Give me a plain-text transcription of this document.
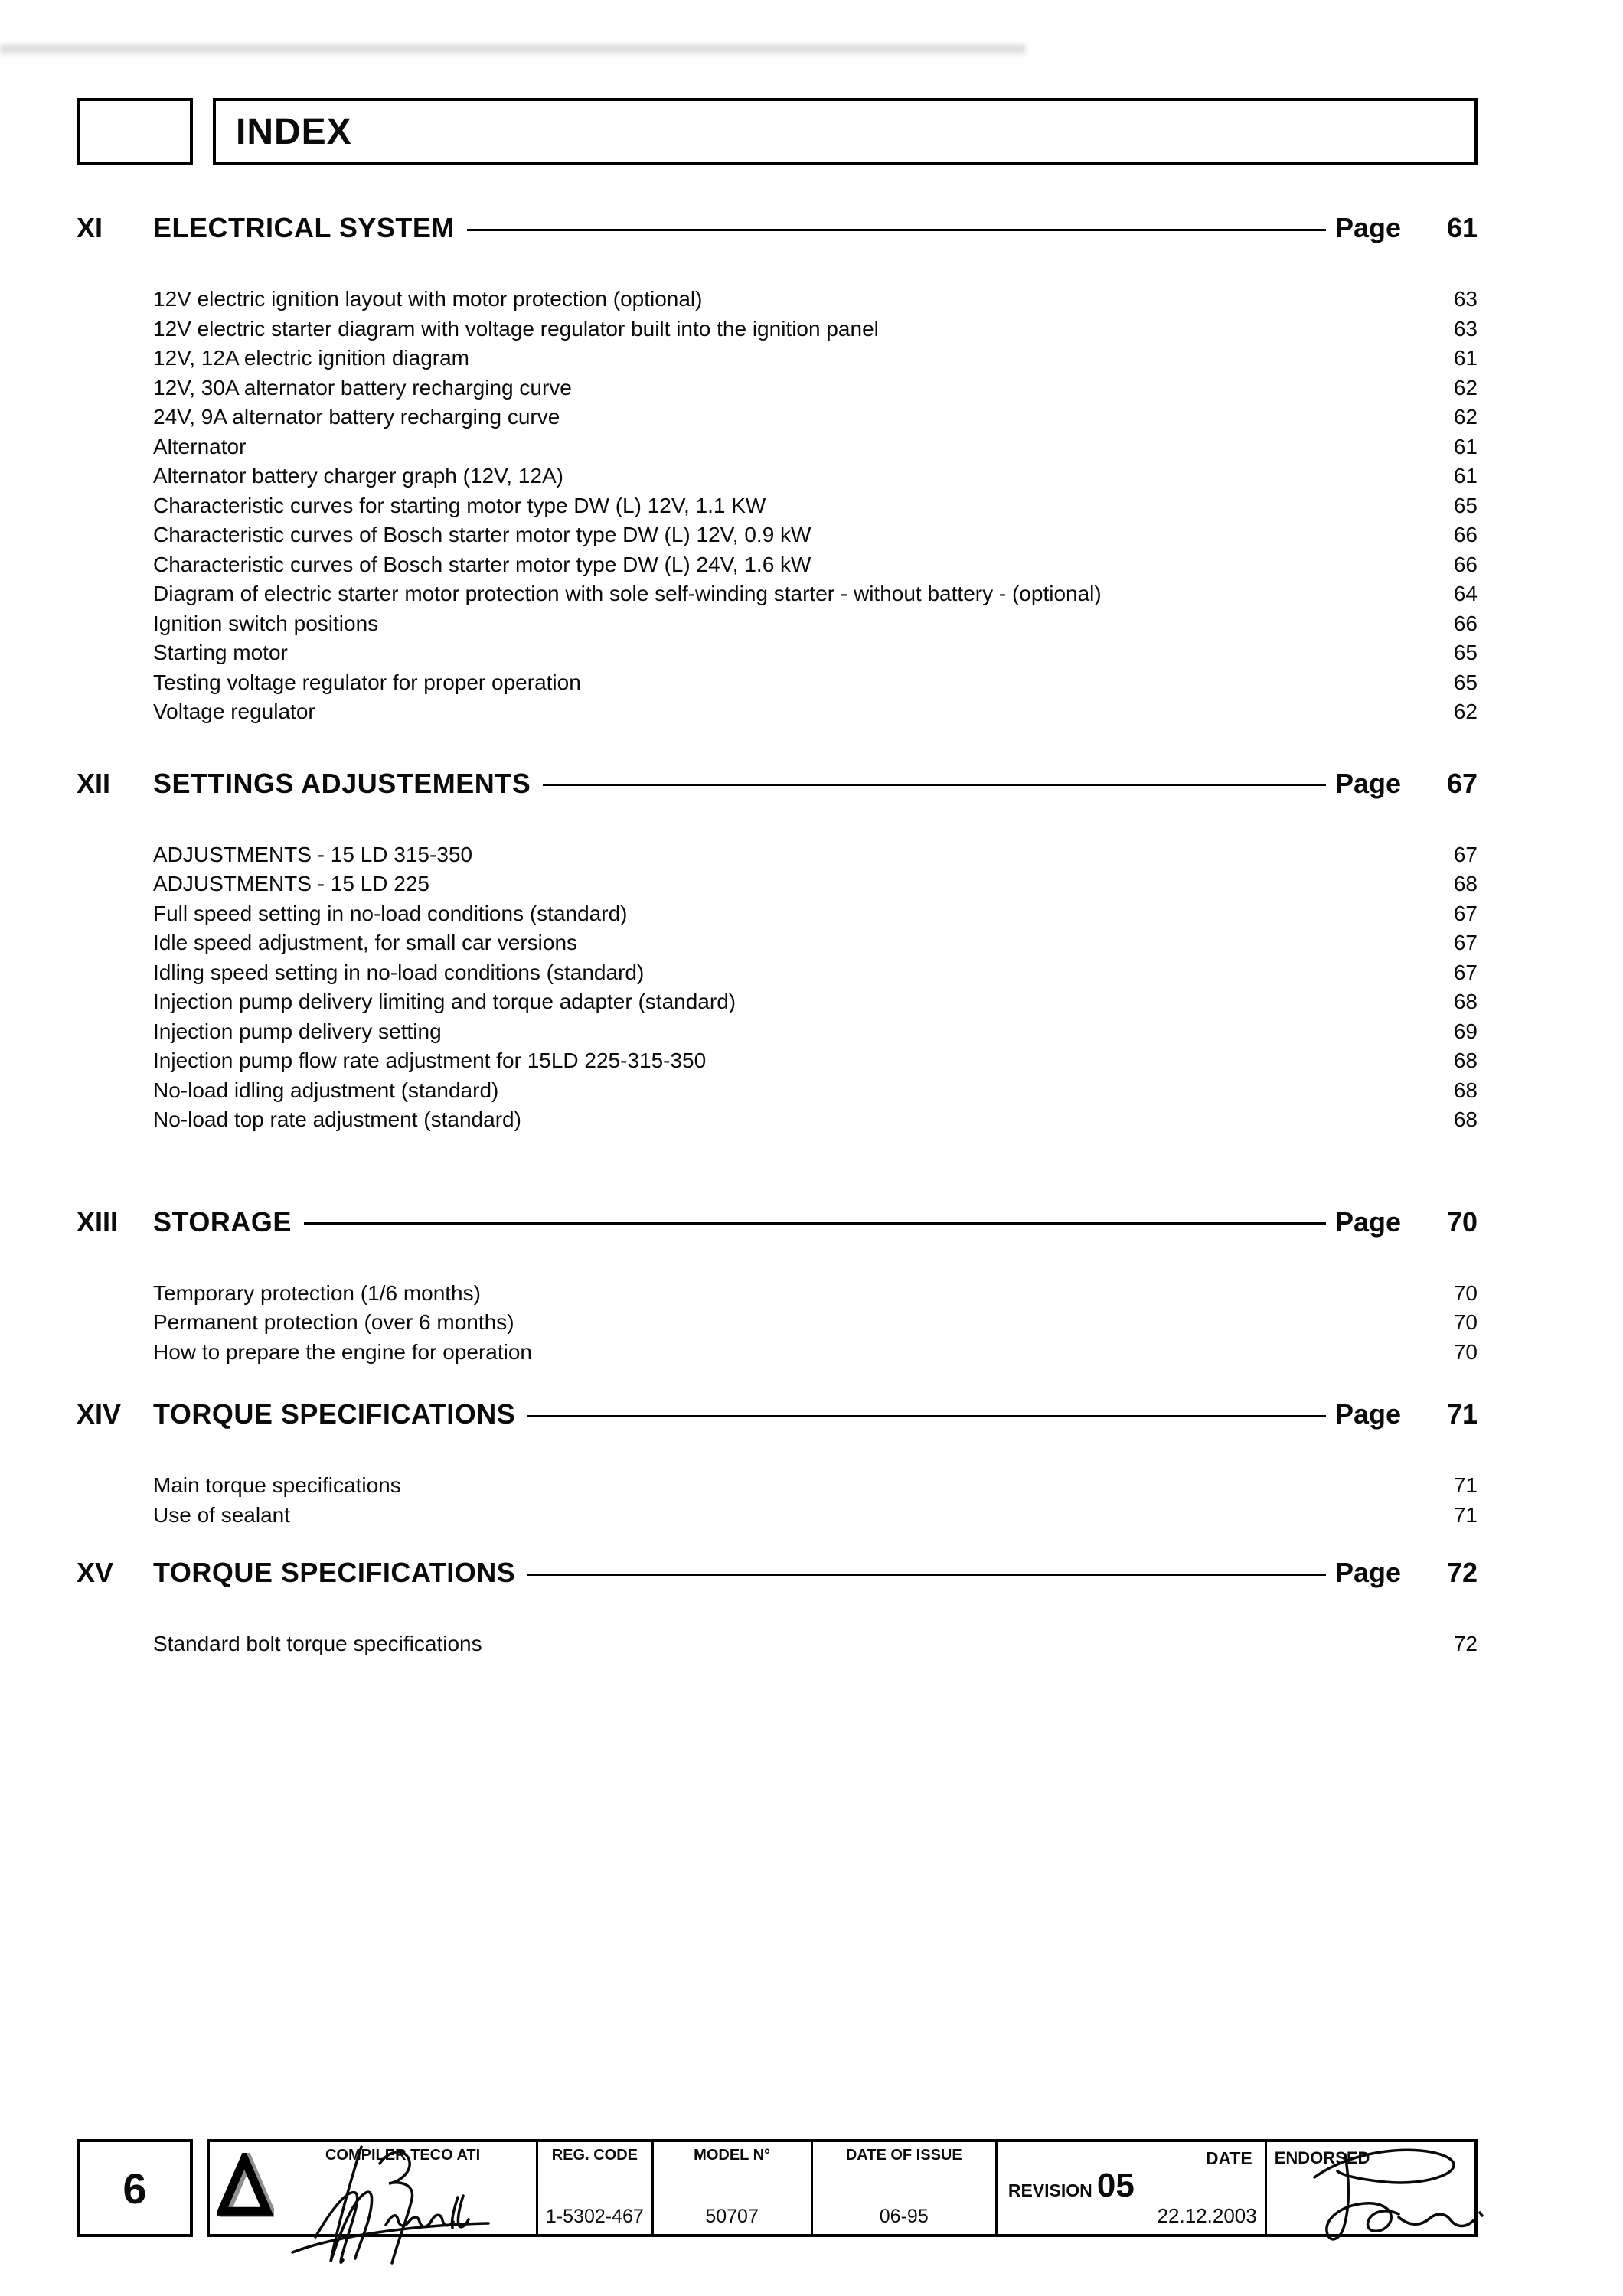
INDEX
XI	ELECTRICAL SYSTEM	Page	61
12V electric ignition layout with motor protection (optional)	63
12V electric starter diagram with voltage regulator built into the ignition panel	63
12V, 12A electric ignition diagram	61
12V, 30A alternator battery recharging curve	62
24V, 9A alternator battery recharging curve	62
Alternator	61
Alternator battery charger graph (12V, 12A)	61
Characteristic curves for starting motor type DW (L) 12V, 1.1 KW	65
Characteristic curves of Bosch starter motor type DW (L) 12V, 0.9 kW	66
Characteristic curves of Bosch starter motor type DW (L) 24V, 1.6 kW	66
Diagram of electric starter motor protection with sole self-winding starter - without battery - (optional)	64
Ignition switch positions	66
Starting motor	65
Testing voltage regulator for proper operation	65
Voltage regulator	62
XII	SETTINGS ADJUSTEMENTS	Page	67
ADJUSTMENTS - 15 LD 315-350	67
ADJUSTMENTS - 15 LD 225	68
Full speed setting in no-load conditions (standard)	67
Idle speed adjustment, for small car versions	67
Idling speed setting in no-load conditions (standard)	67
Injection pump delivery limiting and torque adapter (standard)	68
Injection pump delivery setting	69
Injection pump flow rate adjustment for 15LD 225-315-350	68
No-load idling adjustment (standard)	68
No-load top rate adjustment (standard)	68
XIII	STORAGE	Page	70
Temporary protection (1/6 months)	70
Permanent protection (over 6 months)	70
How to prepare the engine for operation	70
XIV	TORQUE SPECIFICATIONS	Page	71
Main torque specifications	71
Use of sealant	71
XV	TORQUE SPECIFICATIONS	Page	72
Standard bolt torque specifications	72
6
COMPILER TECO ATI	REG. CODE
1-5302-467
MODEL N°
50707
DATE OF ISSUE
06-95
REVISION 05
DATE
22.12.2003
ENDORSED
